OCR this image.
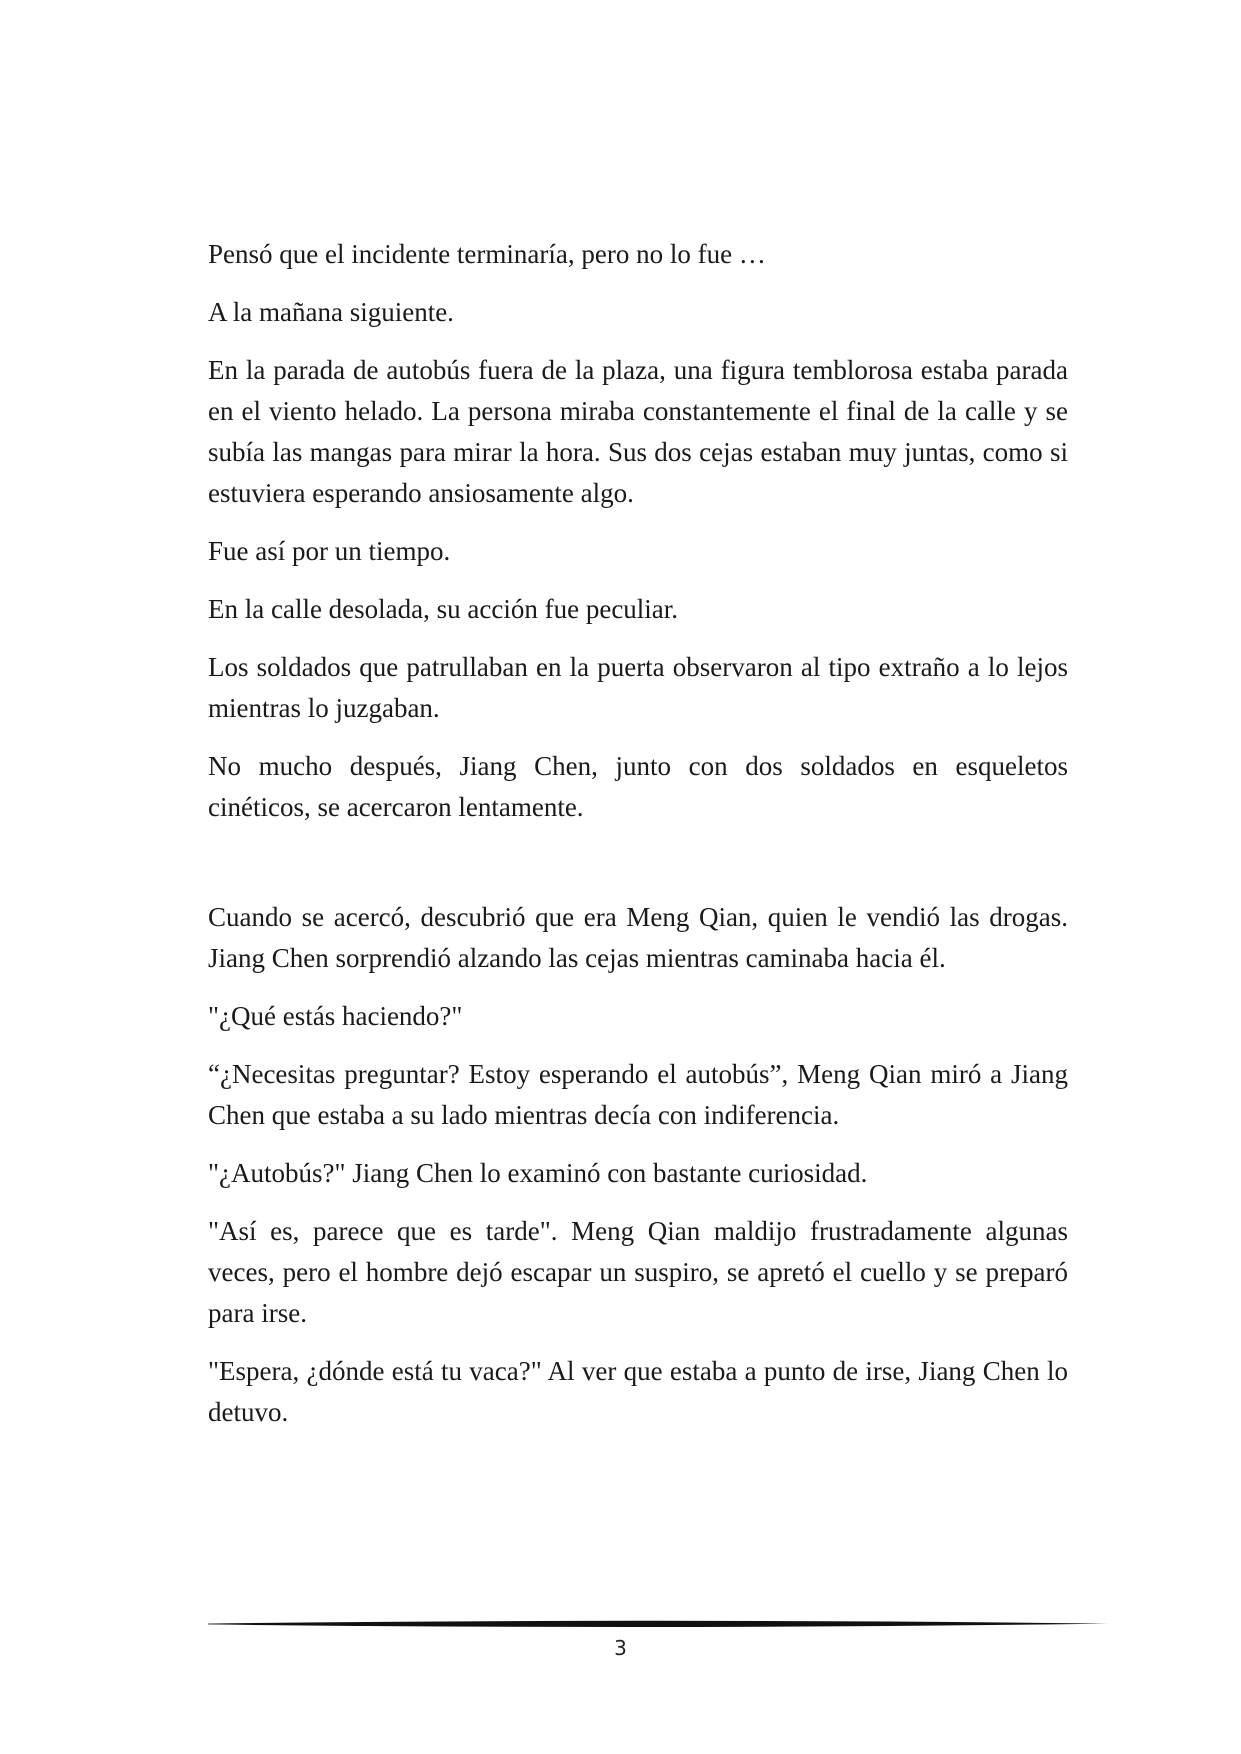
Pensó que el incidente terminaría, pero no lo fue …

A la mañana siguiente.

En la parada de autobús fuera de la plaza, una figura temblorosa estaba parada en el viento helado. La persona miraba constantemente el final de la calle y se subía las mangas para mirar la hora. Sus dos cejas estaban muy juntas, como si estuviera esperando ansiosamente algo.

Fue así por un tiempo.

En la calle desolada, su acción fue peculiar.

Los soldados que patrullaban en la puerta observaron al tipo extraño a lo lejos mientras lo juzgaban.

No mucho después, Jiang Chen, junto con dos soldados en esqueletos cinéticos, se acercaron lentamente.

Cuando se acercó, descubrió que era Meng Qian, quien le vendió las drogas. Jiang Chen sorprendió alzando las cejas mientras caminaba hacia él.

"¿Qué estás haciendo?"

“¿Necesitas preguntar? Estoy esperando el autobús”, Meng Qian miró a Jiang Chen que estaba a su lado mientras decía con indiferencia.

"¿Autobús?" Jiang Chen lo examinó con bastante curiosidad.

"Así es, parece que es tarde". Meng Qian maldijo frustradamente algunas veces, pero el hombre dejó escapar un suspiro, se apretó el cuello y se preparó para irse.

"Espera, ¿dónde está tu vaca?" Al ver que estaba a punto de irse, Jiang Chen lo detuvo.

3
